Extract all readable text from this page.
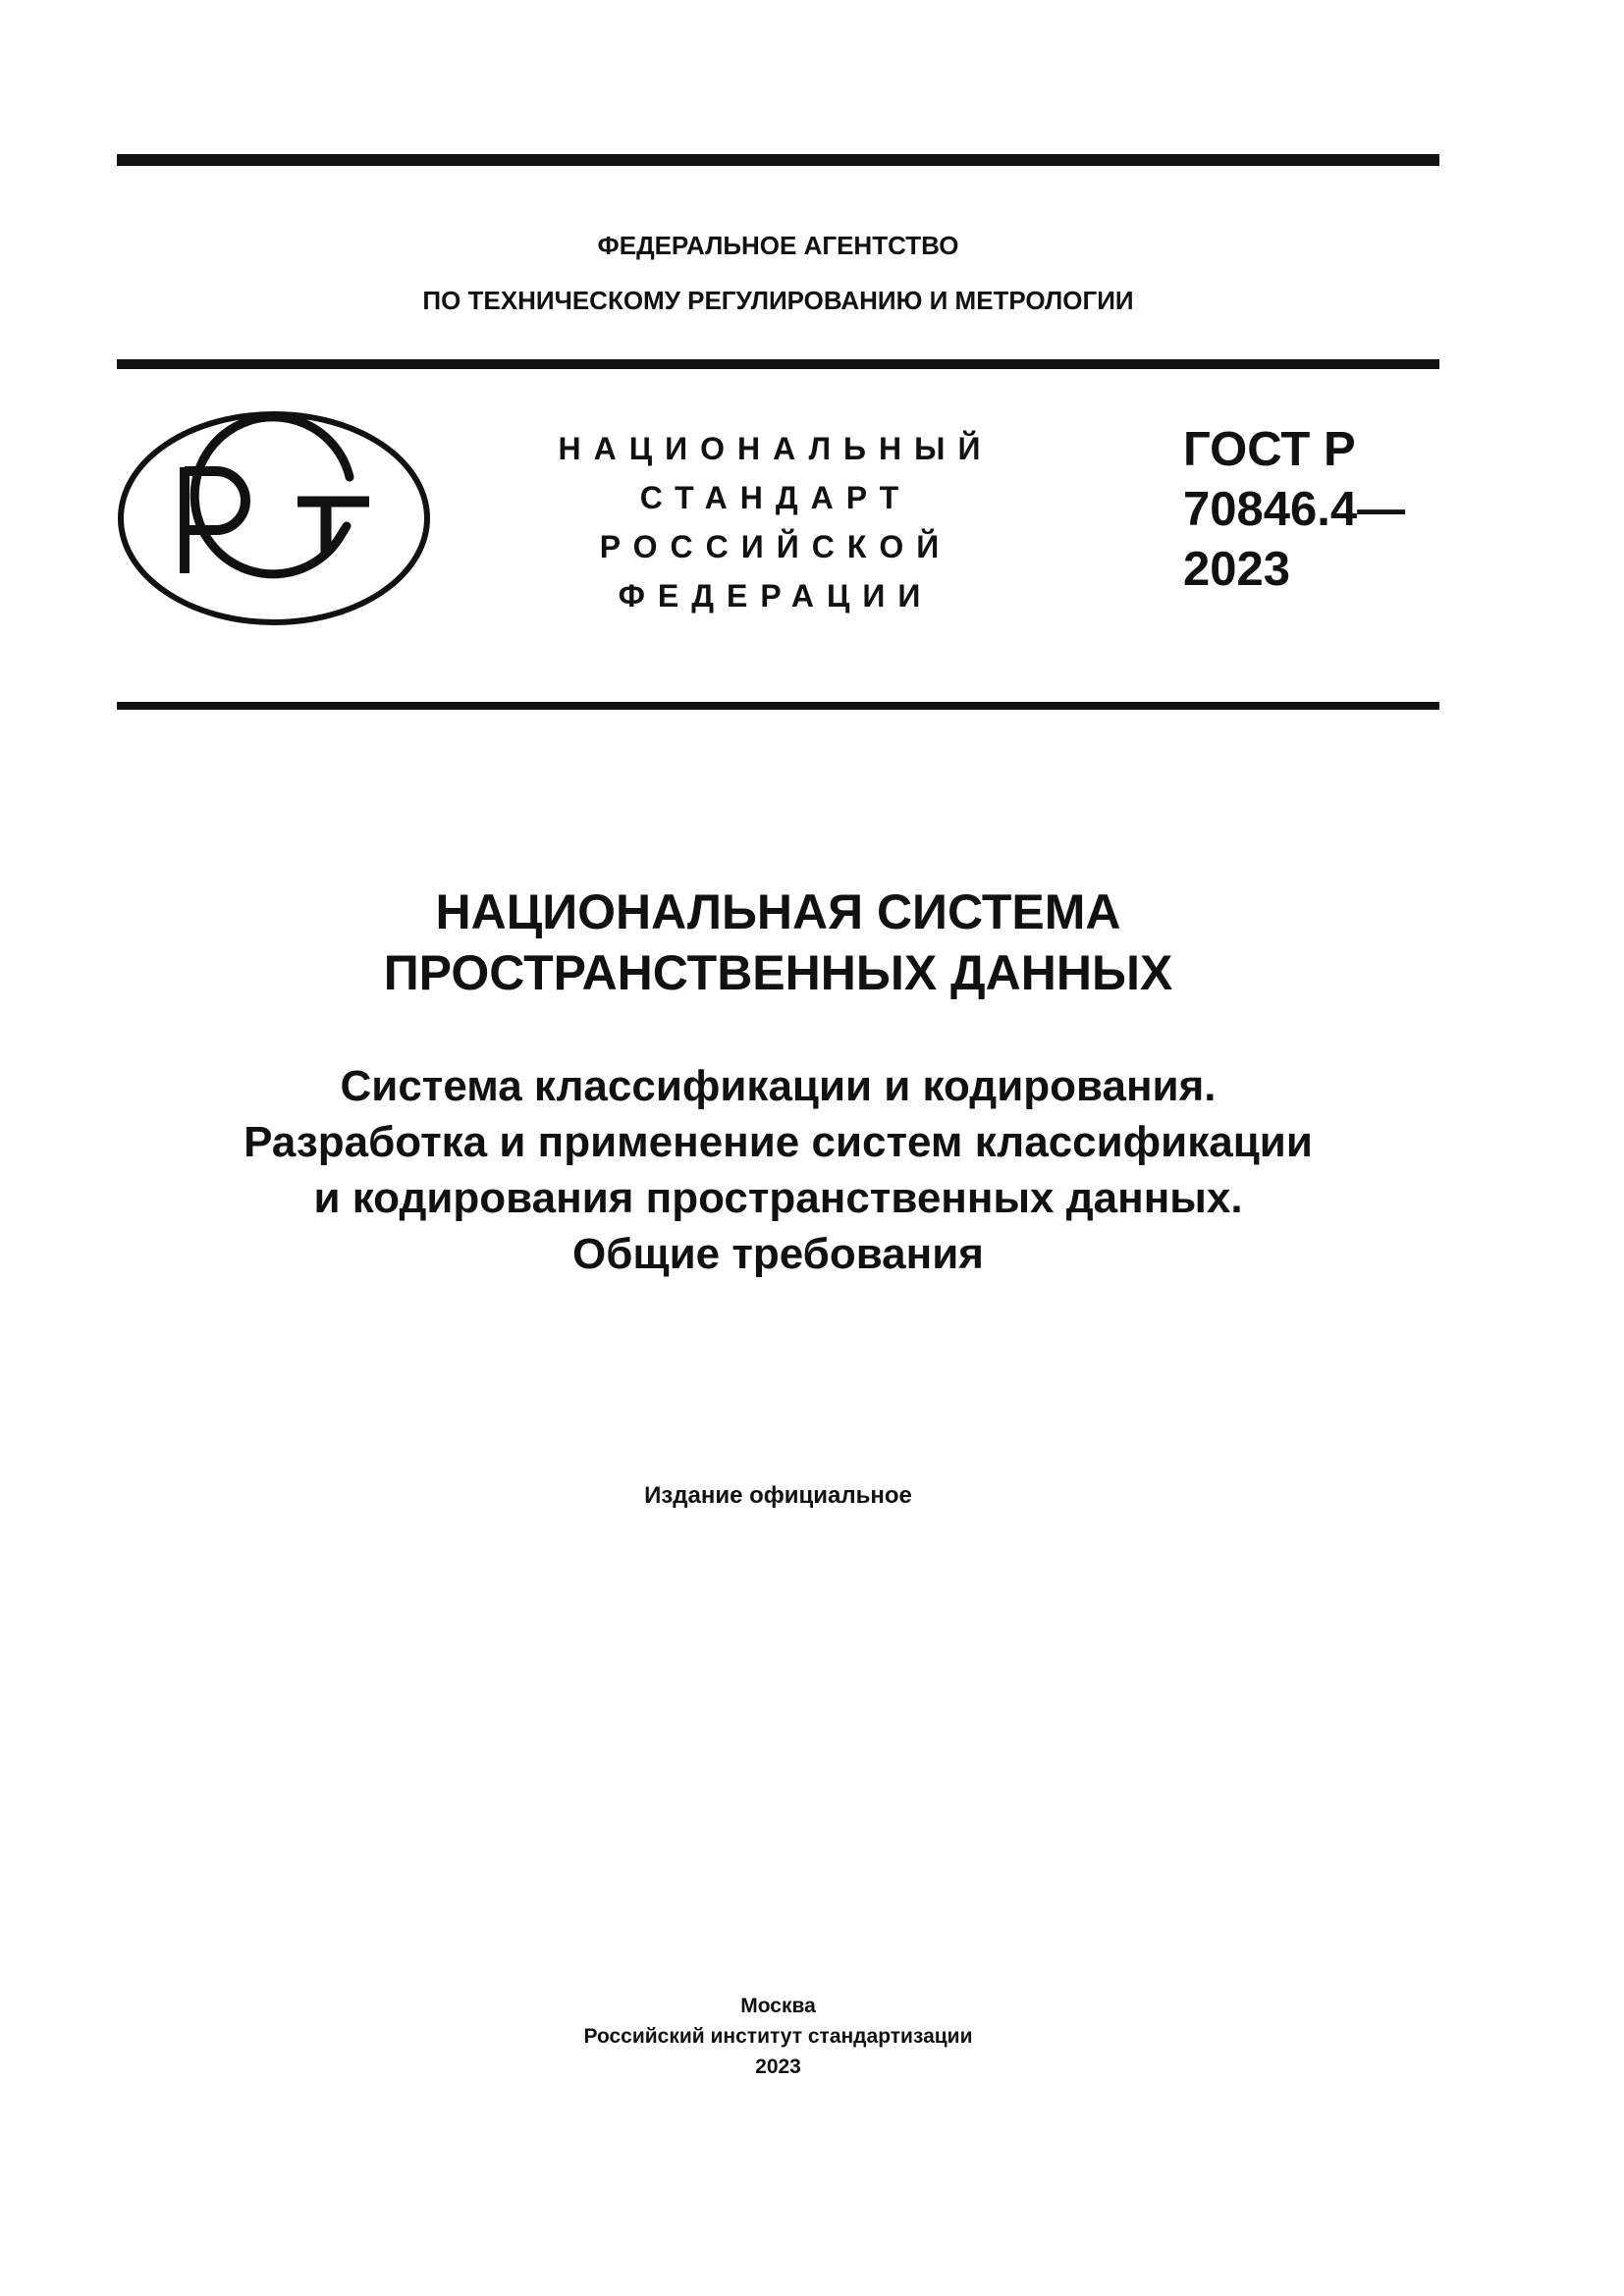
ФЕДЕРАЛЬНОЕ АГЕНТСТВО
ПО ТЕХНИЧЕСКОМУ РЕГУЛИРОВАНИЮ И МЕТРОЛОГИИ
НАЦИОНАЛЬНЫЙ
СТАНДАРТ
РОССИЙСКОЙ
ФЕДЕРАЦИИ
ГОСТ Р
70846.4—
2023
НАЦИОНАЛЬНАЯ СИСТЕМА
ПРОСТРАНСТВЕННЫХ ДАННЫХ
Система классификации и кодирования.
Разработка и применение систем классификации
и кодирования пространственных данных.
Общие требования
Издание официальное
Москва
Российский институт стандартизации
2023
